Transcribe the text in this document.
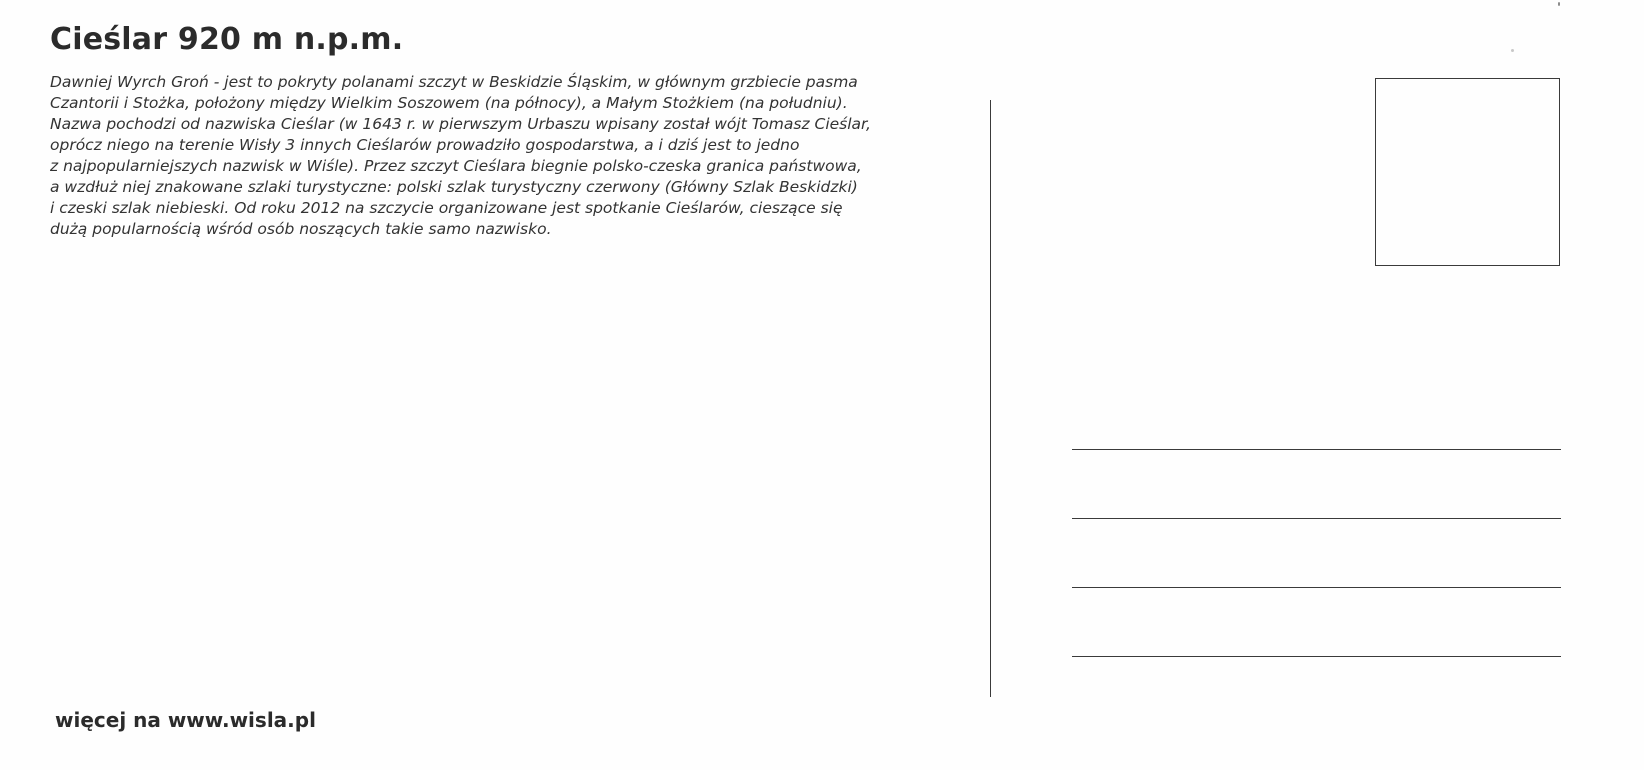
Cieślar 920 m n.p.m.
Dawniej Wyrch Groń - jest to pokryty polanami szczyt w Beskidzie Śląskim, w głównym grzbiecie pasma
Czantorii i Stożka, położony między Wielkim Soszowem (na północy), a Małym Stożkiem (na południu).
Nazwa pochodzi od nazwiska Cieślar (w 1643 r. w pierwszym Urbaszu wpisany został wójt Tomasz Cieślar,
oprócz niego na terenie Wisły 3 innych Cieślarów prowadziło gospodarstwa, a i dziś jest to jedno
z najpopularniejszych nazwisk w Wiśle). Przez szczyt Cieślara biegnie polsko-czeska granica państwowa,
a wzdłuż niej znakowane szlaki turystyczne: polski szlak turystyczny czerwony (Główny Szlak Beskidzki)
i czeski szlak niebieski. Od roku 2012 na szczycie organizowane jest spotkanie Cieślarów, cieszące się
dużą popularnością wśród osób noszących takie samo nazwisko.

więcej na www.wisla.pl
